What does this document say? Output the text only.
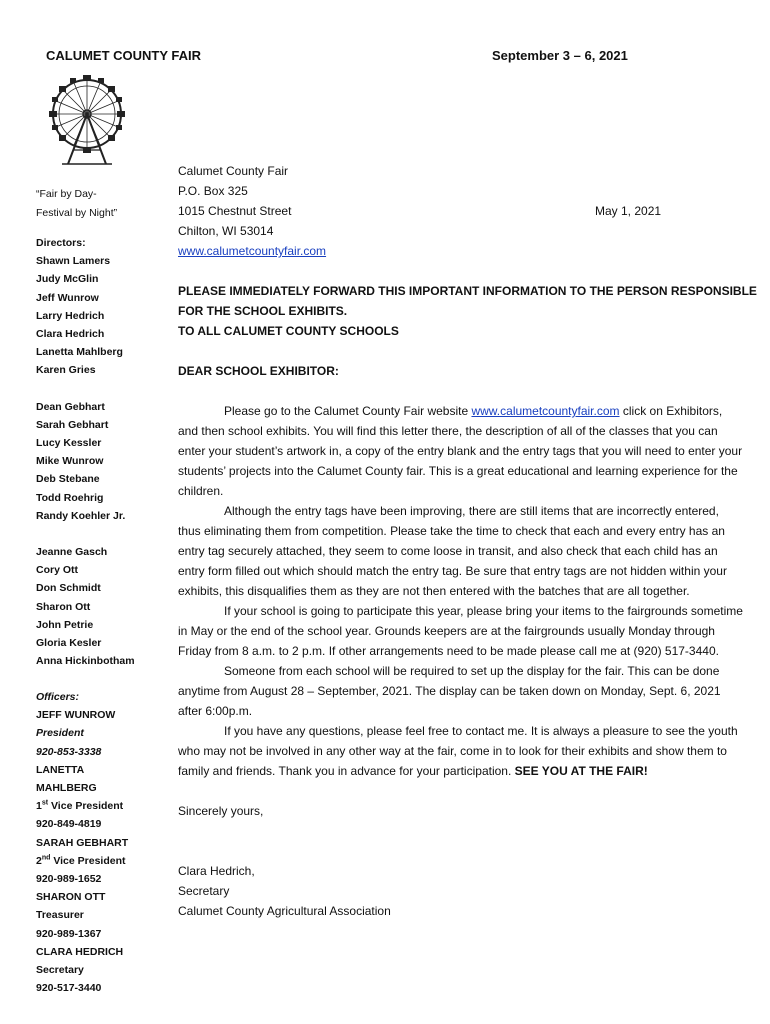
CALUMET COUNTY FAIR	September 3 – 6, 2021
“Fair by Day-
Festival by Night”
Directors:
Shawn Lamers
Judy McGlin
Jeff Wunrow
Larry Hedrich
Clara Hedrich
Lanetta Mahlberg
Karen Gries
Dean Gebhart
Sarah Gebhart
Lucy Kessler
Mike Wunrow
Deb Stebane
Todd Roehrig
Randy Koehler Jr.
Jeanne Gasch
Cory Ott
Don Schmidt
Sharon Ott
John Petrie
Gloria Kesler
Anna Hickinbotham
Officers:
JEFF WUNROW
President
920-853-3338
LANETTA
MAHLBERG
1st Vice President
920-849-4819
SARAH GEBHART
2nd Vice President
920-989-1652
SHARON OTT
Treasurer
920-989-1367
CLARA HEDRICH
Secretary
920-517-3440
Calumet County Fair
P.O. Box 325
1015 Chestnut Street
Chilton, WI 53014
www.calumetcountyfair.com
May 1, 2021
PLEASE IMMEDIATELY FORWARD THIS IMPORTANT INFORMATION TO THE PERSON RESPONSIBLE
FOR THE SCHOOL EXHIBITS.
TO ALL CALUMET COUNTY SCHOOLS
DEAR SCHOOL EXHIBITOR:

Please go to the Calumet County Fair website www.calumetcountyfair.com click on Exhibitors, and then school exhibits. You will find this letter there, the description of all of the classes that you can enter your student’s artwork in, a copy of the entry blank and the entry tags that you will need to enter your students’ projects into the Calumet County fair. This is a great educational and learning experience for the children.

Although the entry tags have been improving, there are still items that are incorrectly entered, thus eliminating them from competition. Please take the time to check that each and every entry has an entry tag securely attached, they seem to come loose in transit, and also check that each child has an entry form filled out which should match the entry tag. Be sure that entry tags are not hidden within your exhibits, this disqualifies them as they are not then entered with the batches that are all together.

If your school is going to participate this year, please bring your items to the fairgrounds sometime in May or the end of the school year. Grounds keepers are at the fairgrounds usually Monday through Friday from 8 a.m. to 2 p.m. If other arrangements need to be made please call me at (920) 517-3440.

Someone from each school will be required to set up the display for the fair. This can be done anytime from August 28 – September, 2021. The display can be taken down on Monday, Sept. 6, 2021 after 6:00p.m.

If you have any questions, please feel free to contact me. It is always a pleasure to see the youth who may not be involved in any other way at the fair, come in to look for their exhibits and show them to family and friends. Thank you in advance for your participation. SEE YOU AT THE FAIR!

Sincerely yours,
Clara Hedrich,
Secretary
Calumet County Agricultural Association
